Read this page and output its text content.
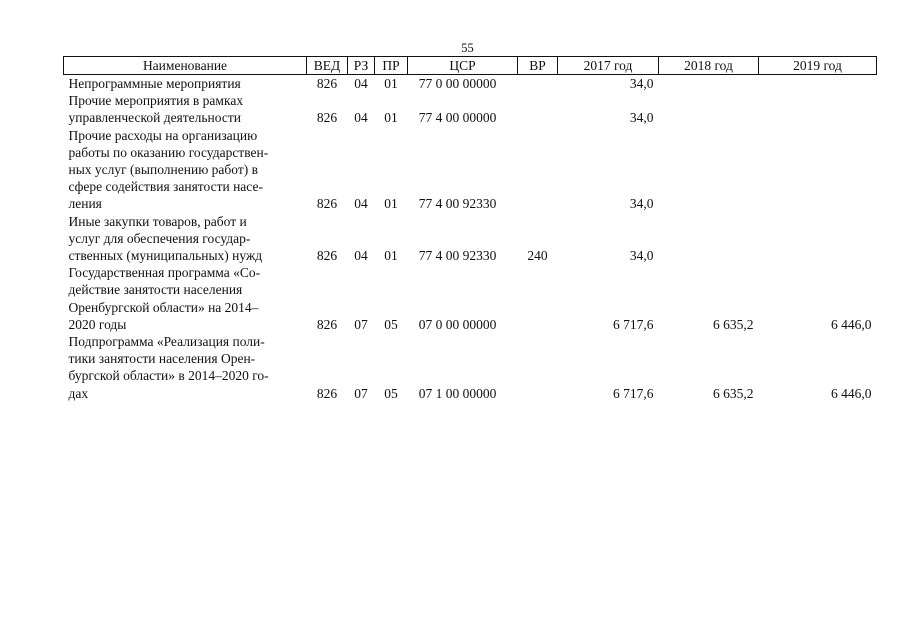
55
Наименование	ВЕД	РЗ	ПР	ЦСР	ВР	2017 год	2018 год	2019 год
Непрограммные мероприятия	826	04	01	77 0 00 00000		34,0		
Прочие мероприятия в рамках
управленческой деятельности	826	04	01	77 4 00 00000		34,0		
Прочие расходы на организацию
работы по оказанию государствен-
ных услуг (выполнению работ) в
сфере содействия занятости насе-
ления	826	04	01	77 4 00 92330		34,0		
Иные закупки товаров, работ и
услуг для обеспечения государ-
ственных (муниципальных) нужд	826	04	01	77 4 00 92330	240	34,0		
Государственная программа «Со-
действие занятости населения
Оренбургской области» на 2014–
2020 годы	826	07	05	07 0 00 00000		6 717,6	6 635,2	6 446,0
Подпрограмма «Реализация поли-
тики занятости населения Орен-
бургской области» в 2014–2020 го-
дах	826	07	05	07 1 00 00000		6 717,6	6 635,2	6 446,0
